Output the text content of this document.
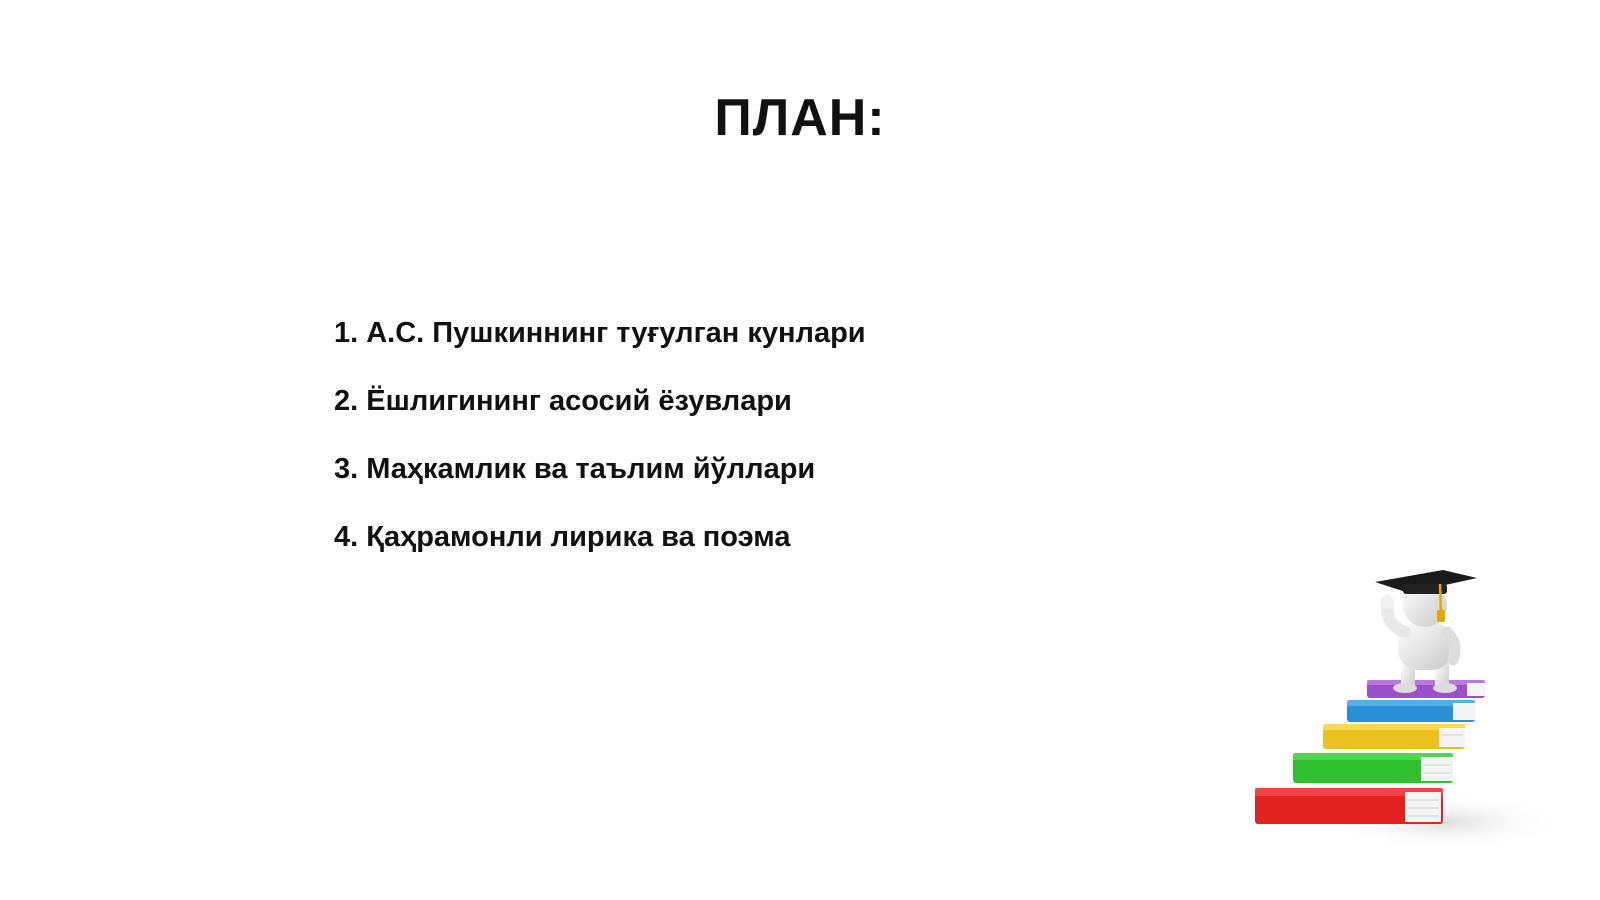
ПЛАН:
1. А.С. Пушкиннинг туғулган кунлари
2. Ёшлигининг асосий ёзувлари
3. Маҳкамлик ва таълим йўллари
4. Қаҳрамонли лирика ва поэма
